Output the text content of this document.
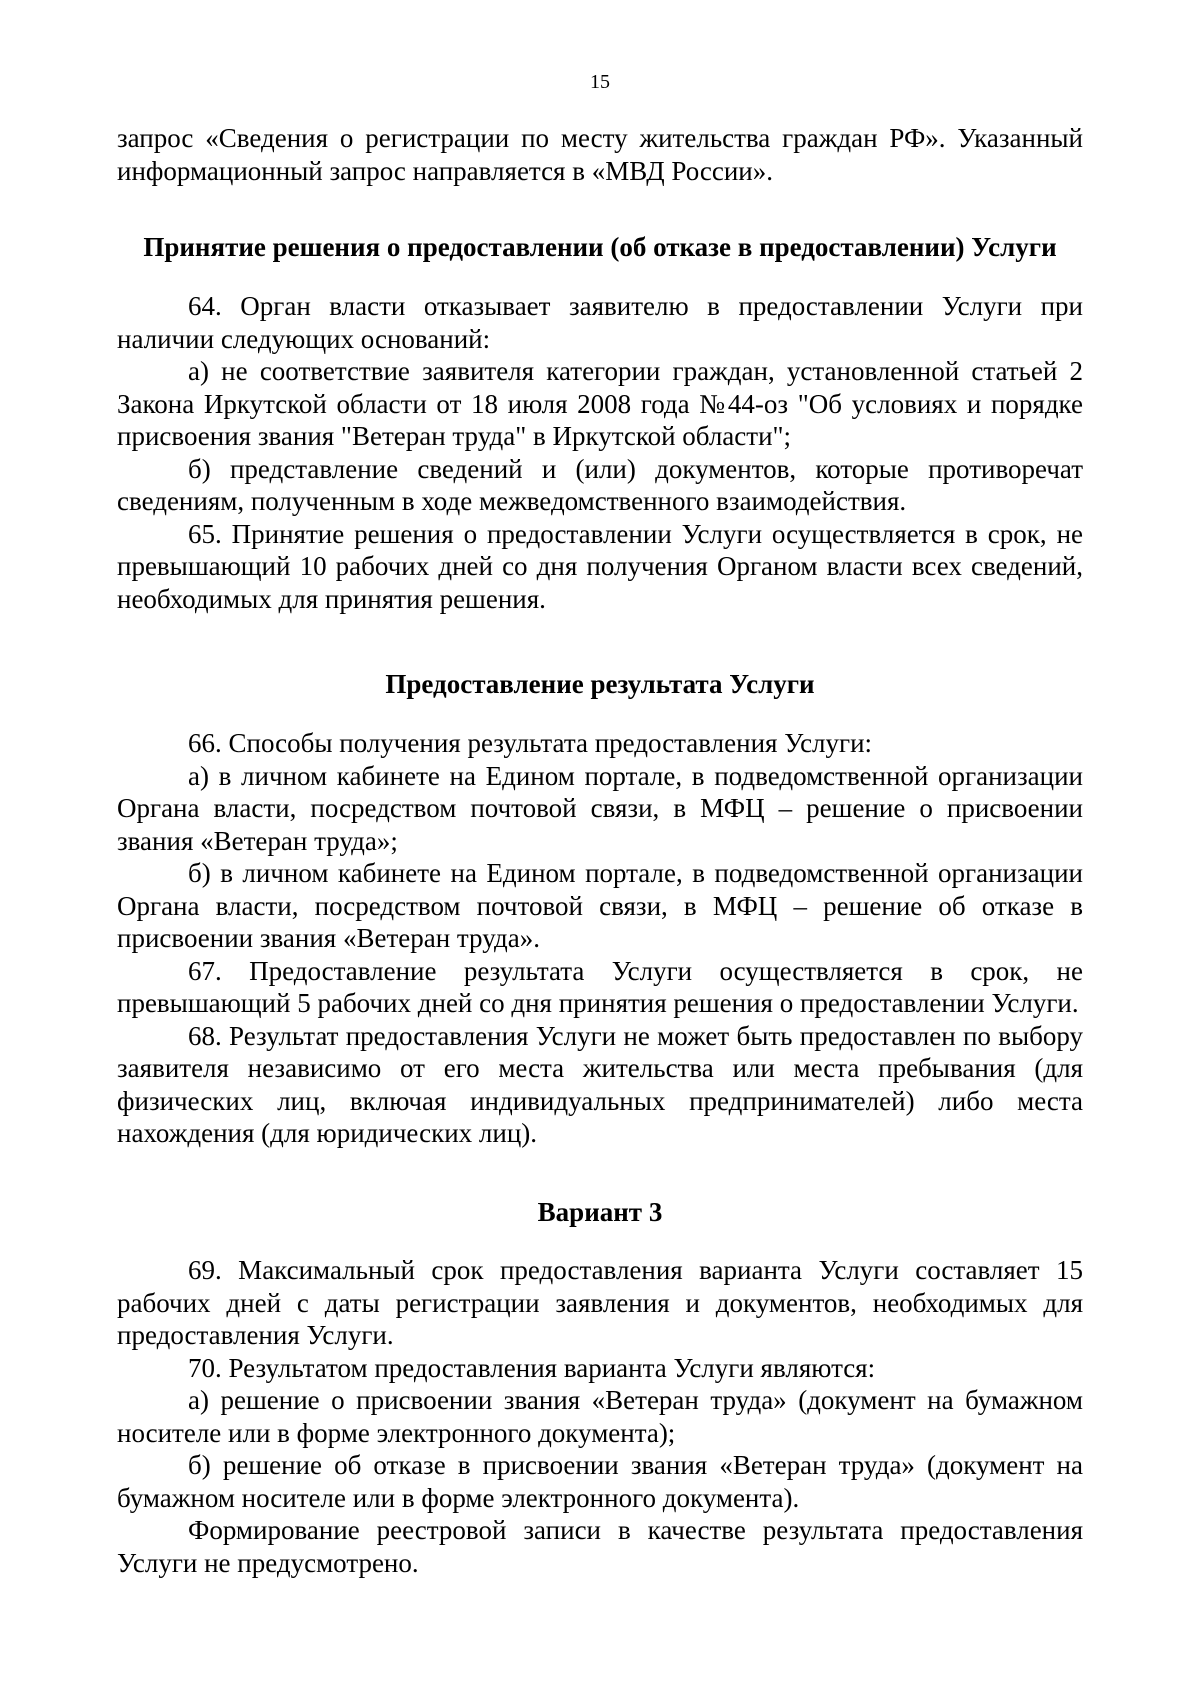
15

запрос «Сведения о регистрации по месту жительства граждан РФ». Указанный информационный запрос направляется в «МВД России».

Принятие решения о предоставлении (об отказе в предоставлении) Услуги

64. Орган власти отказывает заявителю в предоставлении Услуги при наличии следующих оснований:

а) не соответствие заявителя категории граждан, установленной статьей 2 Закона Иркутской области от 18 июля 2008 года №44-оз "Об условиях и порядке присвоения звания "Ветеран труда" в Иркутской области";

б) представление сведений и (или) документов, которые противоречат сведениям, полученным в ходе межведомственного взаимодействия.

65. Принятие решения о предоставлении Услуги осуществляется в срок, не превышающий 10 рабочих дней со дня получения Органом власти всех сведений, необходимых для принятия решения.

Предоставление результата Услуги

66. Способы получения результата предоставления Услуги:

а) в личном кабинете на Едином портале, в подведомственной организации Органа власти, посредством почтовой связи, в МФЦ – решение о присвоении звания «Ветеран труда»;

б) в личном кабинете на Едином портале, в подведомственной организации Органа власти, посредством почтовой связи, в МФЦ – решение об отказе в присвоении звания «Ветеран труда».

67. Предоставление результата Услуги осуществляется в срок, не превышающий 5 рабочих дней со дня принятия решения о предоставлении Услуги.

68. Результат предоставления Услуги не может быть предоставлен по выбору заявителя независимо от его места жительства или места пребывания (для физических лиц, включая индивидуальных предпринимателей) либо места нахождения (для юридических лиц).

Вариант 3

69. Максимальный срок предоставления варианта Услуги составляет 15 рабочих дней с даты регистрации заявления и документов, необходимых для предоставления Услуги.

70. Результатом предоставления варианта Услуги являются:

а) решение о присвоении звания «Ветеран труда» (документ на бумажном носителе или в форме электронного документа);

б) решение об отказе в присвоении звания «Ветеран труда» (документ на бумажном носителе или в форме электронного документа).

Формирование реестровой записи в качестве результата предоставления Услуги не предусмотрено.
